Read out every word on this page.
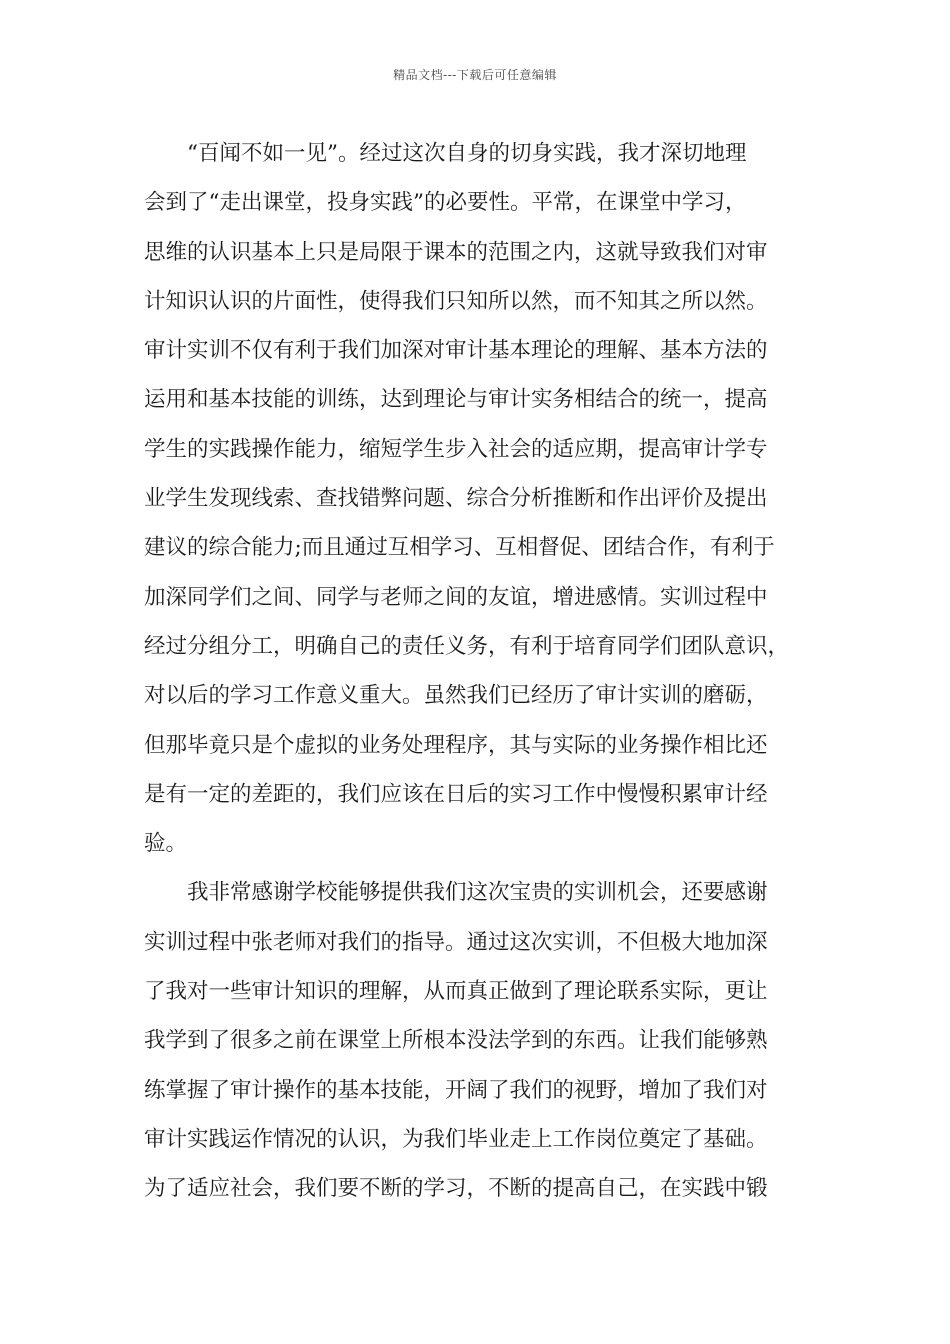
精品文档---下载后可任意编辑
“百闻不如一见”。经过这次自身的切身实践，我才深切地理
会到了“走出课堂，投身实践”的必要性。平常，在课堂中学习，
思维的认识基本上只是局限于课本的范围之内，这就导致我们对审
计知识认识的片面性，使得我们只知所以然，而不知其之所以然。
审计实训不仅有利于我们加深对审计基本理论的理解、基本方法的
运用和基本技能的训练，达到理论与审计实务相结合的统一，提高
学生的实践操作能力，缩短学生步入社会的适应期，提高审计学专
业学生发现线索、查找错弊问题、综合分析推断和作出评价及提出
建议的综合能力;而且通过互相学习、互相督促、团结合作，有利于
加深同学们之间、同学与老师之间的友谊，增进感情。实训过程中
经过分组分工，明确自己的责任义务，有利于培育同学们团队意识，
对以后的学习工作意义重大。虽然我们已经历了审计实训的磨砺，
但那毕竟只是个虚拟的业务处理程序，其与实际的业务操作相比还
是有一定的差距的，我们应该在日后的实习工作中慢慢积累审计经
验。
我非常感谢学校能够提供我们这次宝贵的实训机会，还要感谢
实训过程中张老师对我们的指导。通过这次实训，不但极大地加深
了我对一些审计知识的理解，从而真正做到了理论联系实际，更让
我学到了很多之前在课堂上所根本没法学到的东西。让我们能够熟
练掌握了审计操作的基本技能，开阔了我们的视野，增加了我们对
审计实践运作情况的认识，为我们毕业走上工作岗位奠定了基础。
为了适应社会，我们要不断的学习，不断的提高自己，在实践中锻
